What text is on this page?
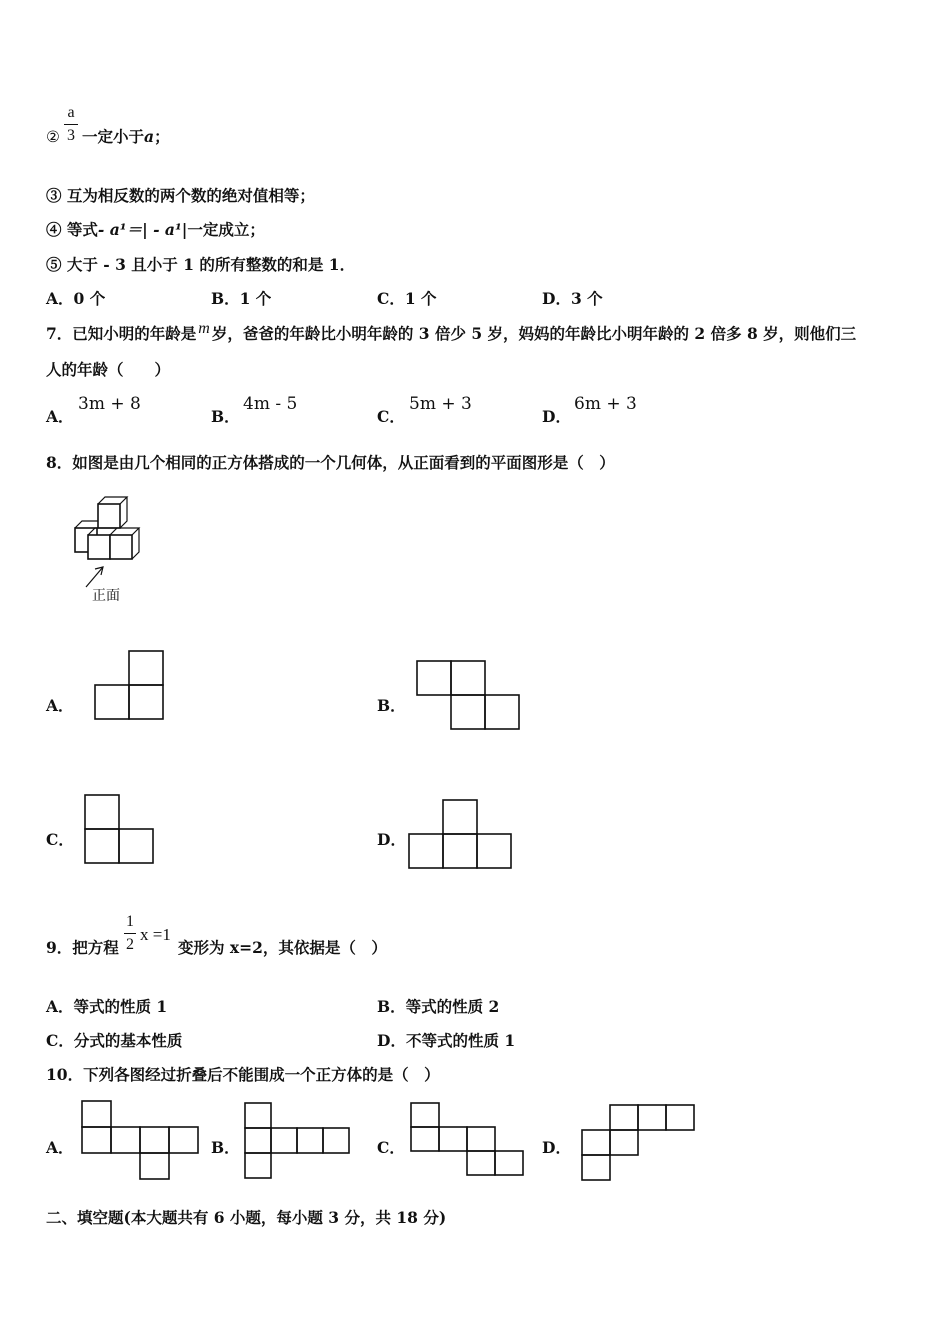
②
a
3 一定小于a；
③ 互为相反数的两个数的绝对值相等；
④ 等式- a¹＝| - a¹|一定成立；
⑤ 大于 - 3 且小于 1 的所有整数的和是 1．
A．0 个	B．1 个	C．1 个	D．3 个
7．已知小明的年龄是 m 岁，爸爸的年龄比小明年龄的 3 倍少 5 岁，妈妈的年龄比小明年龄的 2 倍多 8 岁，则他们三
人的年龄（　　）
A．
3m + 8
B．
4m - 5
C．
5m + 3
D．
6m + 3
8．如图是由几个相同的正方体搭成的一个几何体，从正面看到的平面图形是（　）
正面
A．	B．
C．	D．
9．把方程
1
2
x =1
变形为 x=2，其依据是（　）
A．等式的性质 1	B．等式的性质 2
C．分式的基本性质	D．不等式的性质 1
10．下列各图经过折叠后不能围成一个正方体的是（　）
A．	B．	C．	D．
二、填空题(本大题共有 6 小题，每小题 3 分，共 18 分)
